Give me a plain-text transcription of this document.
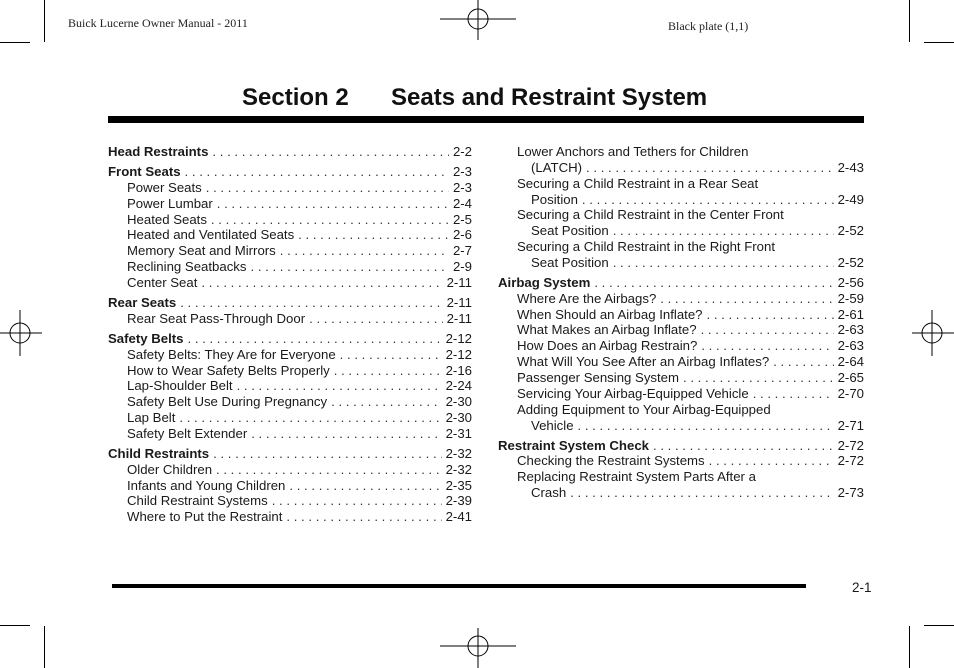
Buick Lucerne Owner Manual - 2011	Black plate (1,1)
Section 2 Seats and Restraint System
Head Restraints . . .	2-2
Front Seats . . .	2-3
Power Seats . . .	2-3
Power Lumbar . . .	2-4
Heated Seats . . .	2-5
Heated and Ventilated Seats . . .	2-6
Memory Seat and Mirrors . . .	2-7
Reclining Seatbacks . . .	2-9
Center Seat . . .	2-11
Rear Seats . . .	2-11
Rear Seat Pass-Through Door . . .	2-11
Safety Belts . . .	2-12
Safety Belts: They Are for Everyone . . .	2-12
How to Wear Safety Belts Properly . . .	2-16
Lap-Shoulder Belt . . .	2-24
Safety Belt Use During Pregnancy . . .	2-30
Lap Belt . . .	2-30
Safety Belt Extender . . .	2-31
Child Restraints . . .	2-32
Older Children . . .	2-32
Infants and Young Children . . .	2-35
Child Restraint Systems . . .	2-39
Where to Put the Restraint . . .	2-41
Lower Anchors and Tethers for Children
(LATCH) . . .	2-43
Securing a Child Restraint in a Rear Seat
Position . . .	2-49
Securing a Child Restraint in the Center Front
Seat Position . . .	2-52
Securing a Child Restraint in the Right Front
Seat Position . . .	2-52
Airbag System . . .	2-56
Where Are the Airbags? . . .	2-59
When Should an Airbag Inflate? . . .	2-61
What Makes an Airbag Inflate? . . .	2-63
How Does an Airbag Restrain? . . .	2-63
What Will You See After an Airbag Inflates? . . .	2-64
Passenger Sensing System . . .	2-65
Servicing Your Airbag-Equipped Vehicle . . .	2-70
Adding Equipment to Your Airbag-Equipped
Vehicle . . .	2-71
Restraint System Check . . .	2-72
Checking the Restraint Systems . . .	2-72
Replacing Restraint System Parts After a
Crash . . .	2-73
2-1
